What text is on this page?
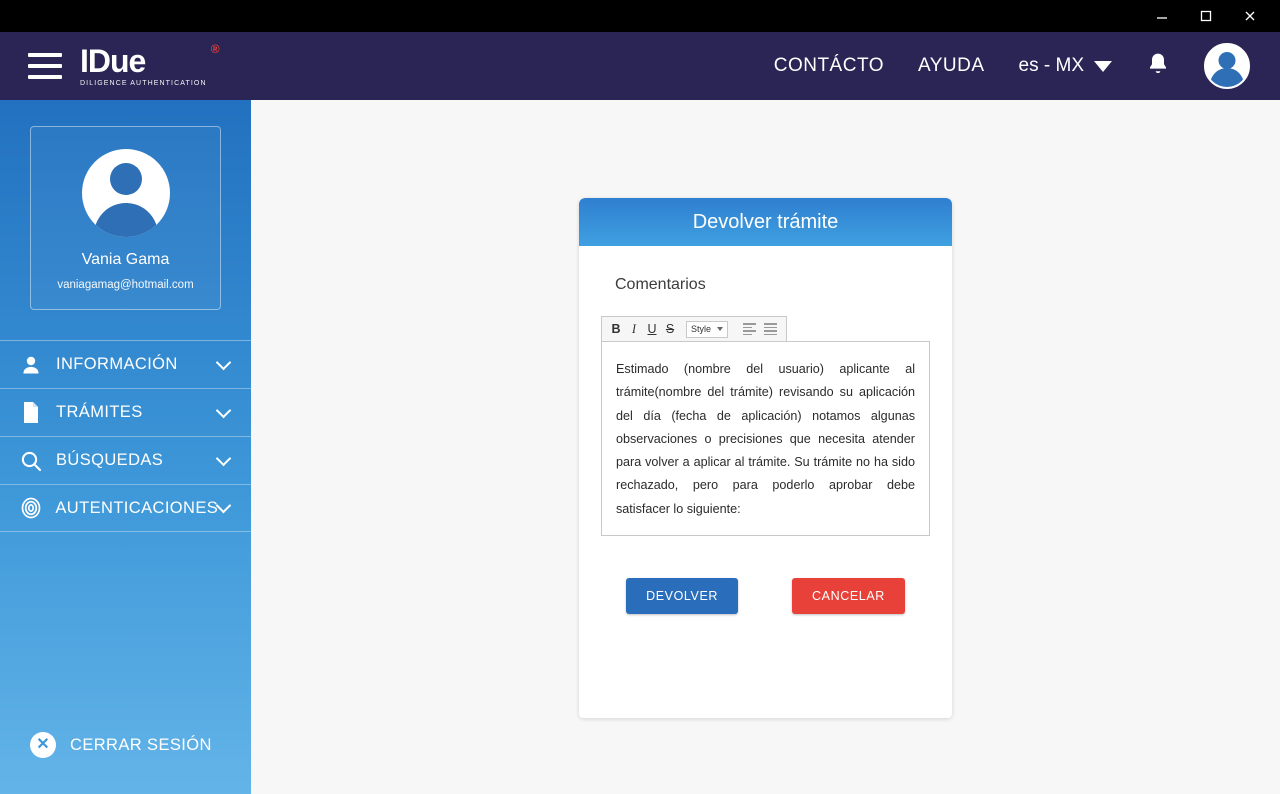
IDue	®
DILIGENCE AUTHENTICATION
CONTÁCTO AYUDA es - MX
Vania Gama
vaniagamag@hotmail.com
INFORMACIÓN
TRÁMITES
BÚSQUEDAS
AUTENTICACIONES
✕	CERRAR SESIÓN
Devolver trámite
Comentarios
B I U S	Style
Estimado (nombre del usuario) aplicante al trámite(nombre del trámite) revisando su aplicación del día (fecha de aplicación) notamos algunas observaciones o precisiones que necesita atender para volver a aplicar al trámite. Su trámite no ha sido rechazado, pero para poderlo aprobar debe satisfacer lo siguiente:
DEVOLVER	CANCELAR
